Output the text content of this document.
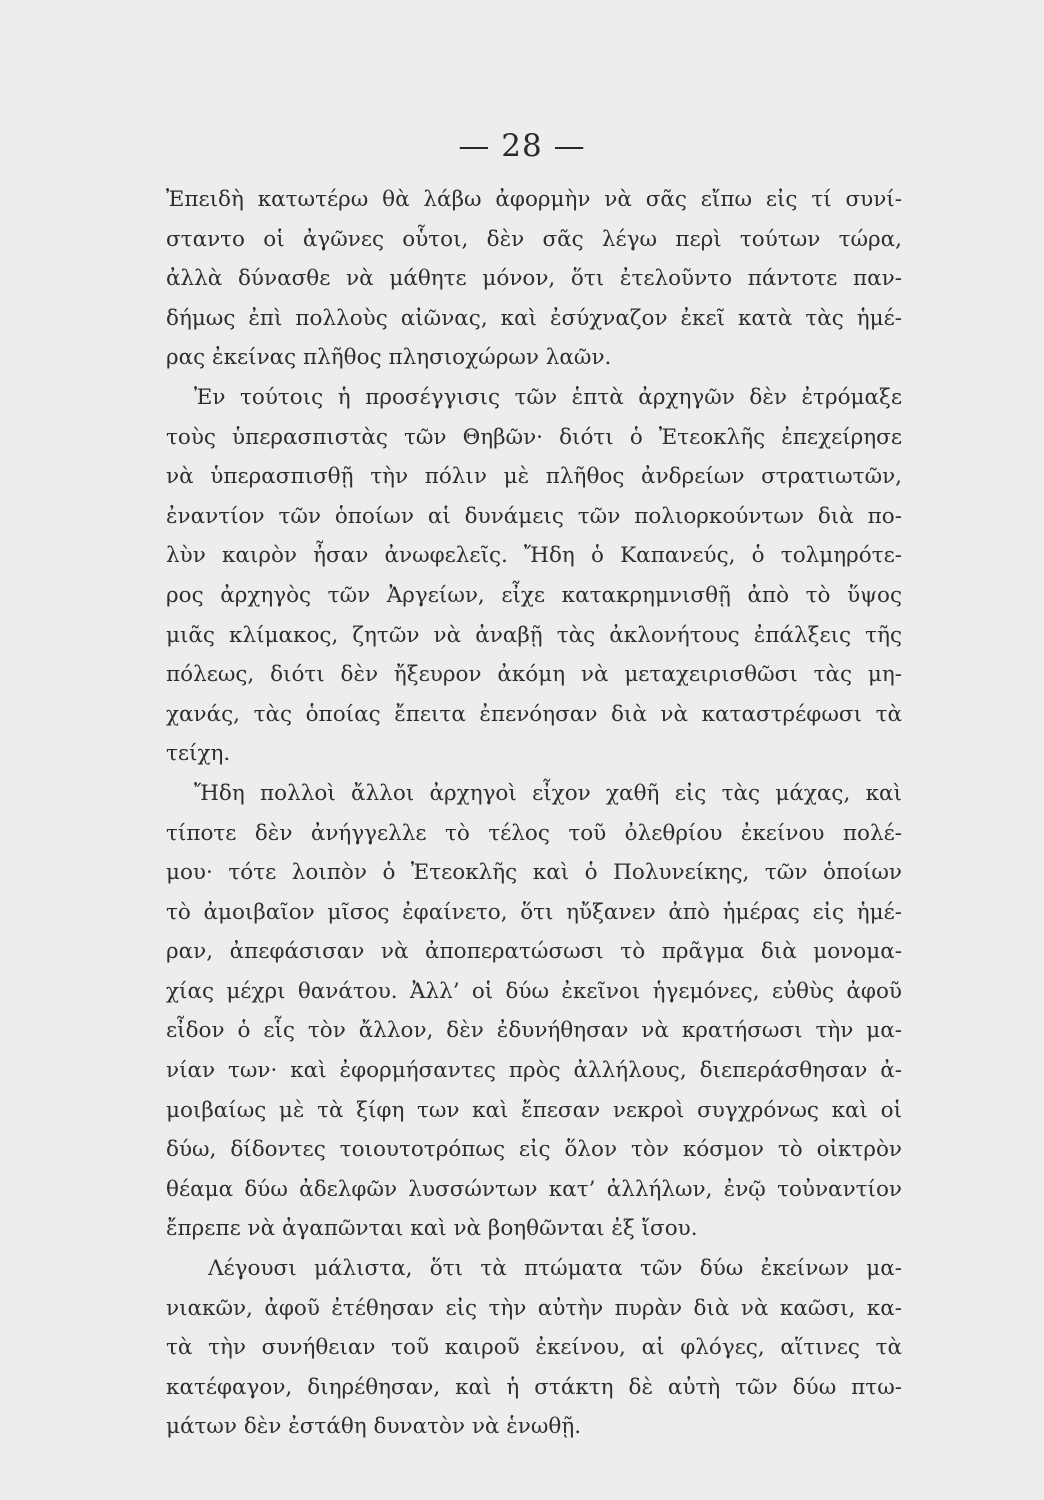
— 28 —
Ἐπειδὴ κατωτέρω θὰ λάβω ἀφορμὴν νὰ σᾶς εἴπω εἰς τί συνί-
σταντο οἱ ἀγῶνες οὗτοι, δὲν σᾶς λέγω περὶ τούτων τώρα,
ἀλλὰ δύνασθε νὰ μάθητε μόνον, ὅτι ἐτελοῦντο πάντοτε παν-
δήμως ἐπὶ πολλοὺς αἰῶνας, καὶ ἐσύχναζον ἐκεῖ κατὰ τὰς ἡμέ-
ρας ἐκείνας πλῆθος πλησιοχώρων λαῶν.
Ἐν τούτοις ἡ προσέγγισις τῶν ἑπτὰ ἀρχηγῶν δὲν ἐτρόμαξε
τοὺς ὑπερασπιστὰς τῶν Θηβῶν· διότι ὁ Ἐτεοκλῆς ἐπεχείρησε
νὰ ὑπερασπισθῇ τὴν πόλιν μὲ πλῆθος ἀνδρείων στρατιωτῶν,
ἐναντίον τῶν ὁποίων αἱ δυνάμεις τῶν πολιορκούντων διὰ πο-
λὺν καιρὸν ἦσαν ἀνωφελεῖς. Ἤδη ὁ Καπανεύς, ὁ τολμηρότε-
ρος ἀρχηγὸς τῶν Ἀργείων, εἶχε κατακρημνισθῇ ἀπὸ τὸ ὕψος
μιᾶς κλίμακος, ζητῶν νὰ ἀναβῇ τὰς ἀκλονήτους ἐπάλξεις τῆς
πόλεως, διότι δὲν ἤξευρον ἀκόμη νὰ μεταχειρισθῶσι τὰς μη-
χανάς, τὰς ὁποίας ἔπειτα ἐπενόησαν διὰ νὰ καταστρέφωσι τὰ
τείχη.
Ἤδη πολλοὶ ἄλλοι ἀρχηγοὶ εἶχον χαθῆ εἰς τὰς μάχας, καὶ
τίποτε δὲν ἀνήγγελλε τὸ τέλος τοῦ ὀλεθρίου ἐκείνου πολέ-
μου· τότε λοιπὸν ὁ Ἐτεοκλῆς καὶ ὁ Πολυνείκης, τῶν ὁποίων
τὸ ἀμοιβαῖον μῖσος ἐφαίνετο, ὅτι ηὔξανεν ἀπὸ ἡμέρας εἰς ἡμέ-
ραν, ἀπεφάσισαν νὰ ἀποπερατώσωσι τὸ πρᾶγμα διὰ μονομα-
χίας μέχρι θανάτου. Ἀλλ’ οἱ δύω ἐκεῖνοι ἡγεμόνες, εὐθὺς ἀφοῦ
εἶδον ὁ εἷς τὸν ἄλλον, δὲν ἐδυνήθησαν νὰ κρατήσωσι τὴν μα-
νίαν των· καὶ ἐφορμήσαντες πρὸς ἀλλήλους, διεπεράσθησαν ἀ-
μοιβαίως μὲ τὰ ξίφη των καὶ ἔπεσαν νεκροὶ συγχρόνως καὶ οἱ
δύω, δίδοντες τοιουτοτρόπως εἰς ὅλον τὸν κόσμον τὸ οἰκτρὸν
θέαμα δύω ἀδελφῶν λυσσώντων κατ’ ἀλλήλων, ἐνῷ τοὐναντίον
ἔπρεπε νὰ ἀγαπῶνται καὶ νὰ βοηθῶνται ἐξ ἴσου.
Λέγουσι μάλιστα, ὅτι τὰ πτώματα τῶν δύω ἐκείνων μα-
νιακῶν, ἀφοῦ ἐτέθησαν εἰς τὴν αὐτὴν πυρὰν διὰ νὰ καῶσι, κα-
τὰ τὴν συνήθειαν τοῦ καιροῦ ἐκείνου, αἱ φλόγες, αἵτινες τὰ
κατέφαγον, διηρέθησαν, καὶ ἡ στάκτη δὲ αὐτὴ τῶν δύω πτω-
μάτων δὲν ἐστάθη δυνατὸν νὰ ἑνωθῇ.
